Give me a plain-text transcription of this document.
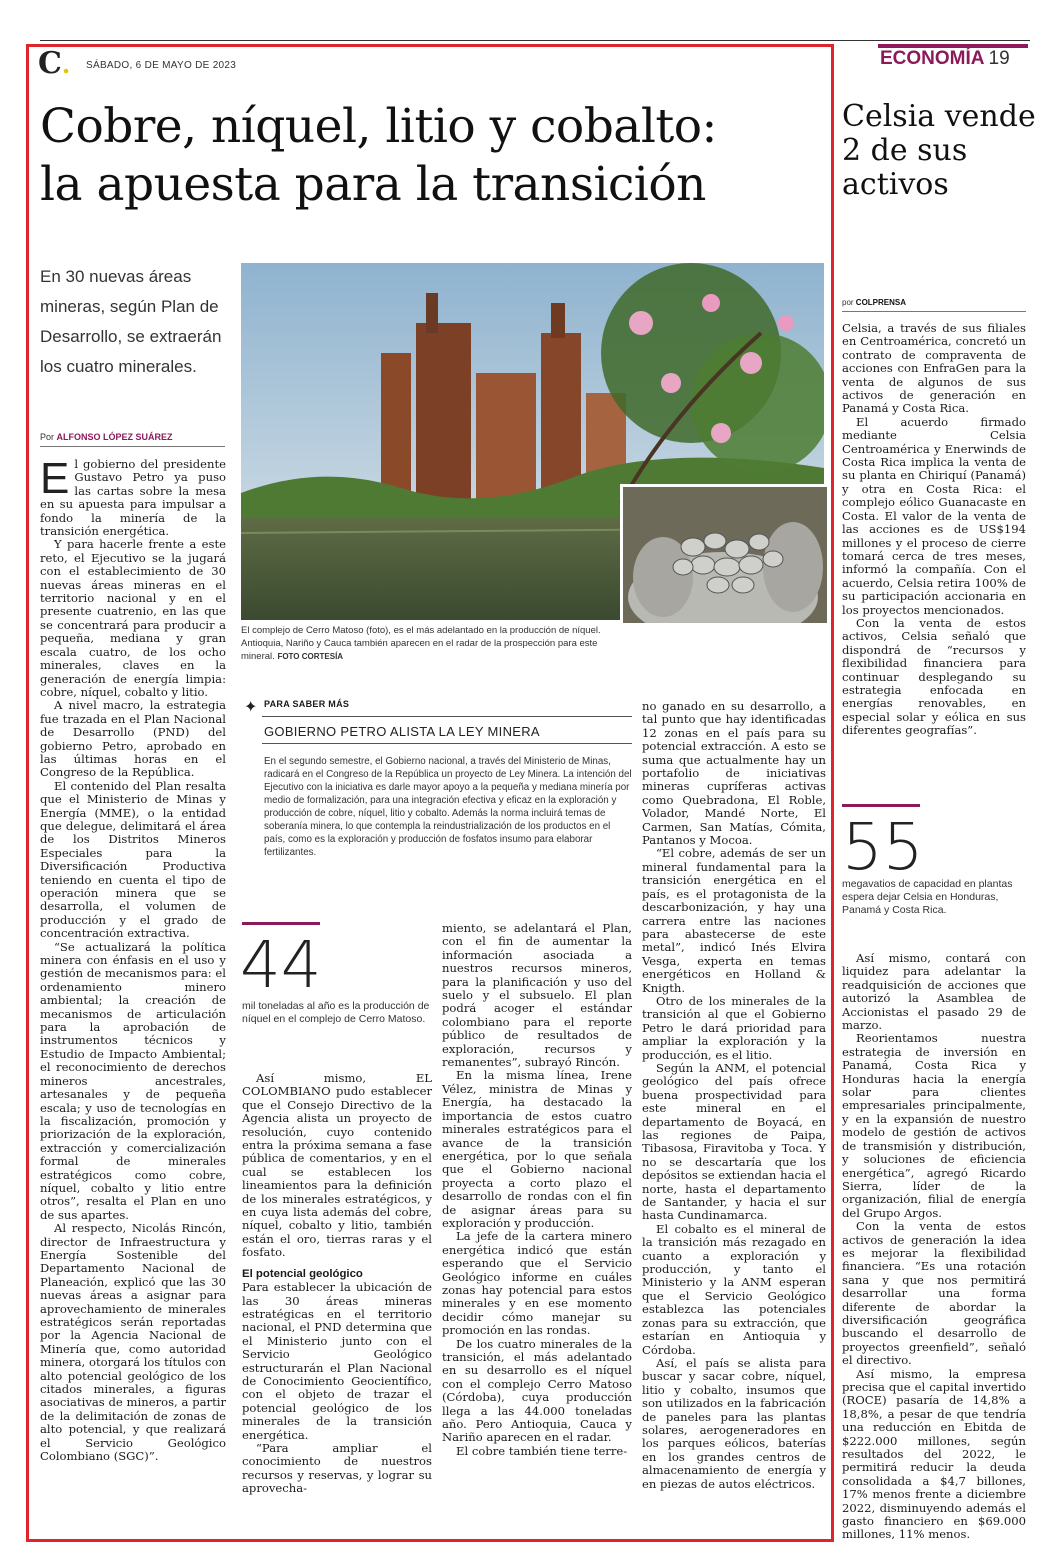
C. SÁBADO, 6 DE MAYO DE 2023	ECONOMÍA 19
Cobre, níquel, litio y cobalto:
la apuesta para la transición
En 30 nuevas áreas mineras, según Plan de Desarrollo, se extraerán los cuatro minerales.
Por ALFONSO LÓPEZ SUÁREZ

El gobierno del presidente Gustavo Petro ya puso las cartas sobre la mesa en su apuesta para impulsar a fondo la minería de la transición energética.

Y para hacerle frente a este reto, el Ejecutivo se la jugará con el establecimiento de 30 nuevas áreas mineras en el territorio nacional y en el presente cuatrenio, en las que se concentrará para producir a pequeña, mediana y gran escala cuatro, de los ocho minerales, claves en la generación de energía limpia: cobre, níquel, cobalto y litio.

A nivel macro, la estrategia fue trazada en el Plan Nacional de Desarrollo (PND) del gobierno Petro, aprobado en las últimas horas en el Congreso de la República.

El contenido del Plan resalta que el Ministerio de Minas y Energía (MME), o la entidad que delegue, delimitará el área de los Distritos Mineros Especiales para la Diversificación Productiva teniendo en cuenta el tipo de operación minera que se desarrolla, el volumen de producción y el grado de concentración extractiva.

“Se actualizará la política minera con énfasis en el uso y gestión de mecanismos para: el ordenamiento minero ambiental; la creación de mecanismos de articulación para la aprobación de instrumentos técnicos y Estudio de Impacto Ambiental; el reconocimiento de derechos mineros ancestrales, artesanales y de pequeña escala; y uso de tecnologías en la fiscalización, promoción y priorización de la exploración, extracción y comercialización formal de minerales estratégicos como cobre, níquel, cobalto y litio entre otros”, resalta el Plan en uno de sus apartes.

Al respecto, Nicolás Rincón, director de Infraestructura y Energía Sostenible del Departamento Nacional de Planeación, explicó que las 30 nuevas áreas a asignar para aprovechamiento de minerales estratégicos serán reportadas por la Agencia Nacional de Minería que, como autoridad minera, otorgará los títulos con alto potencial geológico de los citados minerales, a figuras asociativas de mineros, a partir de la delimitación de zonas de alto potencial, y que realizará el Servicio Geológico Colombiano (SGC)”.

El complejo de Cerro Matoso (foto), es el más adelantado en la producción de níquel. Antioquia, Nariño y Cauca también aparecen en el radar de la prospección para este mineral. FOTO CORTESÍA
✦ PARA SABER MÁS
GOBIERNO PETRO ALISTA LA LEY MINERA
En el segundo semestre, el Gobierno nacional, a través del Ministerio de Minas, radicará en el Congreso de la República un proyecto de Ley Minera. La intención del Ejecutivo con la iniciativa es darle mayor apoyo a la pequeña y mediana minería por medio de formalización, para una integración efectiva y eficaz en la exploración y producción de cobre, níquel, litio y cobalto. Además la norma incluirá temas de soberanía minera, lo que contempla la reindustrialización de los productos en el país, como es la exploración y producción de fosfatos insumo para elaborar fertilizantes.
44
mil toneladas al año es la producción de níquel en el complejo de Cerro Matoso.

Así mismo, EL COLOMBIANO pudo establecer que el Consejo Directivo de la Agencia alista un proyecto de resolución, cuyo contenido entra la próxima semana a fase pública de comentarios, y en el cual se establecen los lineamientos para la definición de los minerales estratégicos, y en cuya lista además del cobre, níquel, cobalto y litio, también están el oro, tierras raras y el fosfato.

El potencial geológico

Para establecer la ubicación de las 30 áreas mineras estratégicas en el territorio nacional, el PND determina que el Ministerio junto con el Servicio Geológico estructurarán el Plan Nacional de Conocimiento Geocientífico, con el objeto de trazar el potencial geológico de los minerales de la transición energética.

“Para ampliar el conocimiento de nuestros recursos y reservas, y lograr su aprovecha-

miento, se adelantará el Plan, con el fin de aumentar la información asociada a nuestros recursos mineros, para la planificación y uso del suelo y el subsuelo. El plan podrá acoger el estándar colombiano para el reporte público de resultados de exploración, recursos y remanentes”, subrayó Rincón.

En la misma línea, Irene Vélez, ministra de Minas y Energía, ha destacado la importancia de estos cuatro minerales estratégicos para el avance de la transición energética, por lo que señala que el Gobierno nacional proyecta a corto plazo el desarrollo de rondas con el fin de asignar áreas para su exploración y producción.

La jefe de la cartera minero energética indicó que están esperando que el Servicio Geológico informe en cuáles zonas hay potencial para estos minerales y en ese momento decidir cómo manejar su promoción en las rondas.

De los cuatro minerales de la transición, el más adelantado en su desarrollo es el níquel con el complejo Cerro Matoso (Córdoba), cuya producción llega a las 44.000 toneladas año. Pero Antioquia, Cauca y Nariño aparecen en el radar.

El cobre también tiene terre-

no ganado en su desarrollo, a tal punto que hay identificadas 12 zonas en el país para su potencial extracción. A esto se suma que actualmente hay un portafolio de iniciativas mineras cupríferas activas como Quebradona, El Roble, Volador, Mandé Norte, El Carmen, San Matías, Cómita, Pantanos y Mocoa.

“El cobre, además de ser un mineral fundamental para la transición energética en el país, es el protagonista de la descarbonización, y hay una carrera entre las naciones para abastecerse de este metal”, indicó Inés Elvira Vesga, experta en temas energéticos en Holland & Knigth.

Otro de los minerales de la transición al que el Gobierno Petro le dará prioridad para ampliar la exploración y la producción, es el litio.

Según la ANM, el potencial geológico del país ofrece buena prospectividad para este mineral en el departamento de Boyacá, en las regiones de Paipa, Tibasosa, Firavitoba y Toca. Y no se descartaría que los depósitos se extiendan hacia el norte, hasta el departamento de Santander, y hacia el sur hasta Cundinamarca.

El cobalto es el mineral de la transición más rezagado en cuanto a exploración y producción, y tanto el Ministerio y la ANM esperan que el Servicio Geológico establezca las potenciales zonas para su extracción, que estarían en Antioquia y Córdoba.

Así, el país se alista para buscar y sacar cobre, níquel, litio y cobalto, insumos que son utilizados en la fabricación de paneles para las plantas solares, aerogeneradores en los parques eólicos, baterías en los grandes centros de almacenamiento de energía y en piezas de autos eléctricos.

Celsia vende 2 de sus activos
por COLPRENSA

Celsia, a través de sus filiales en Centroamérica, concretó un contrato de compraventa de acciones con EnfraGen para la venta de algunos de sus activos de generación en Panamá y Costa Rica.

El acuerdo firmado mediante Celsia Centroamérica y Enerwinds de Costa Rica implica la venta de su planta en Chiriquí (Panamá) y otra en Costa Rica: el complejo eólico Guanacaste en Costa. El valor de la venta de las acciones es de US$194 millones y el proceso de cierre tomará cerca de tres meses, informó la compañía. Con el acuerdo, Celsia retira 100% de su participación accionaria en los proyectos mencionados.

Con la venta de estos activos, Celsia señaló que dispondrá de “recursos y flexibilidad financiera para continuar desplegando su estrategia enfocada en energías renovables, en especial solar y eólica en sus diferentes geografías”.

55
megavatios de capacidad en plantas espera dejar Celsia en Honduras, Panamá y Costa Rica.

Así mismo, contará con liquidez para adelantar la readquisición de acciones que autorizó la Asamblea de Accionistas el pasado 29 de marzo.

Reorientamos nuestra estrategia de inversión en Panamá, Costa Rica y Honduras hacia la energía solar para clientes empresariales principalmente, y en la expansión de nuestro modelo de gestión de activos de transmisión y distribución, y soluciones de eficiencia energética”, agregó Ricardo Sierra, líder de la organización, filial de energía del Grupo Argos.

Con la venta de estos activos de generación la idea es mejorar la flexibilidad financiera. “Es una rotación sana y que nos permitirá desarrollar una forma diferente de abordar la diversificación geográfica buscando el desarrollo de proyectos greenfield”, señaló el directivo.

Así mismo, la empresa precisa que el capital invertido (ROCE) pasaría de 14,8% a 18,8%, a pesar de que tendría una reducción en Ebitda de $222.000 millones, según resultados del 2022, le permitirá reducir la deuda consolidada a $4,7 billones, 17% menos frente a diciembre 2022, disminuyendo además el gasto financiero en $69.000 millones, 11% menos.
